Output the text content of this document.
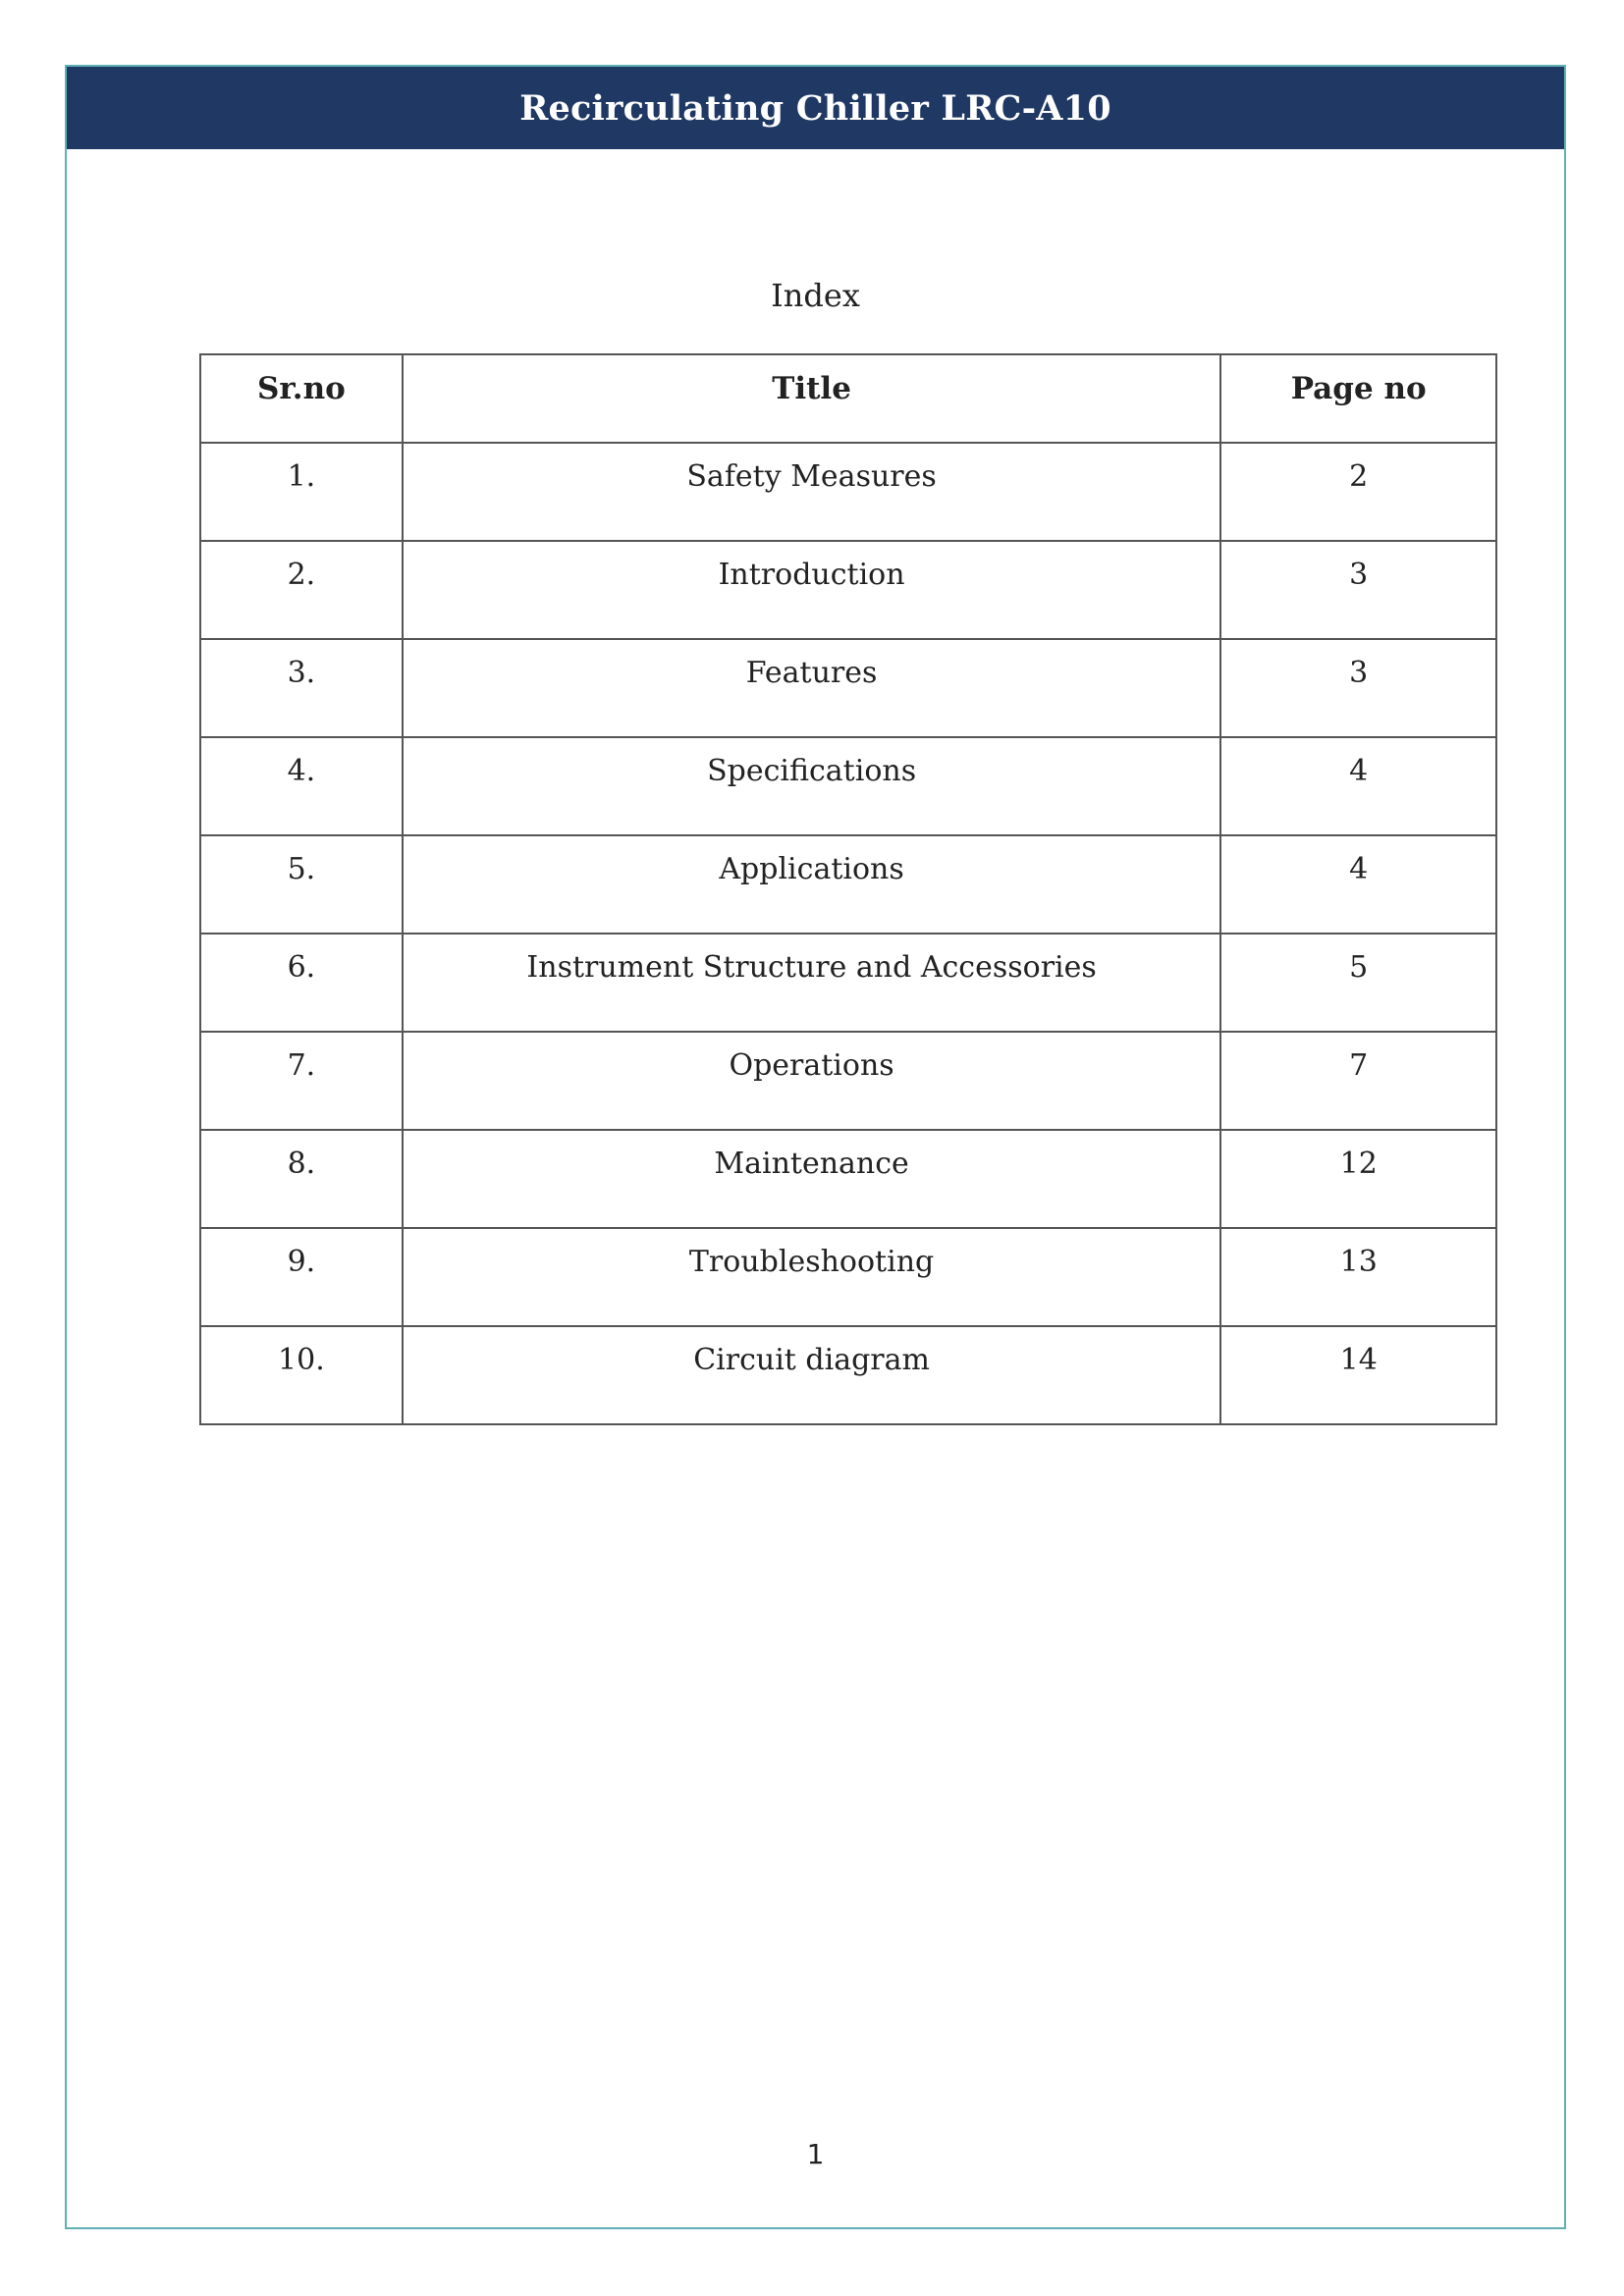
Recirculating Chiller LRC-A10
Index
Sr.no	Title	Page no
1.	Safety Measures	2
2.	Introduction	3
3.	Features	3
4.	Specifications	4
5.	Applications	4
6.	Instrument Structure and Accessories	5
7.	Operations	7
8.	Maintenance	12
9.	Troubleshooting	13
10.	Circuit diagram	14
1
